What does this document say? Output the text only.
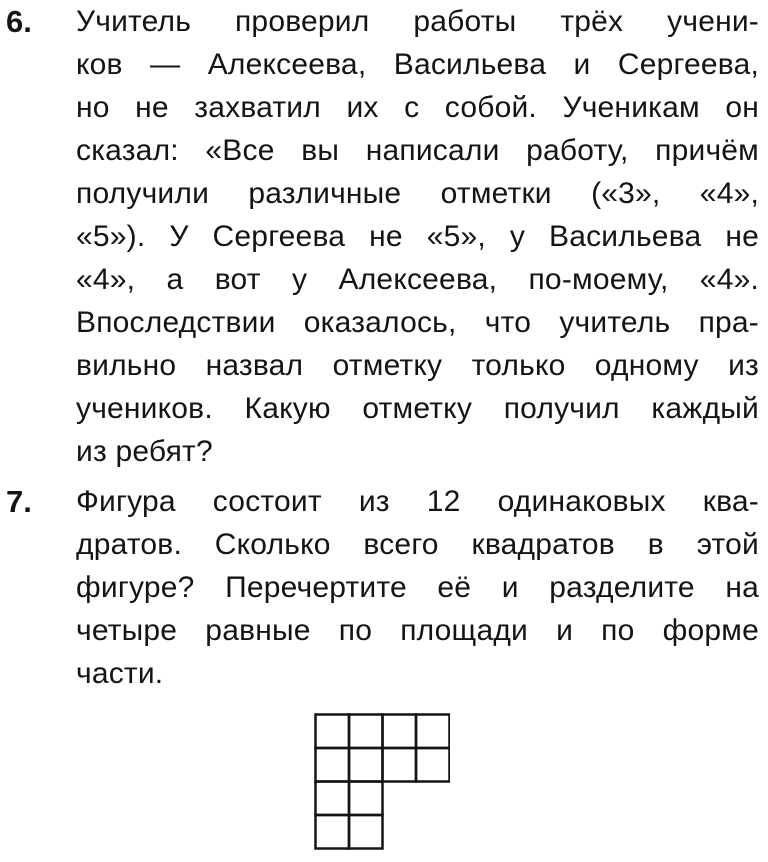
6. Учитель проверил работы трёх учени-
ков — Алексеева, Васильева и Сергеева,
но не захватил их с собой. Ученикам он
сказал: «Все вы написали работу, причём
получили различные отметки («3», «4»,
«5»). У Сергеева не «5», у Васильева не
«4», а вот у Алексеева, по-моему, «4».
Впоследствии оказалось, что учитель пра-
вильно назвал отметку только одному из
учеников. Какую отметку получил каждый
из ребят?
7. Фигура состоит из 12 одинаковых ква-
дратов. Сколько всего квадратов в этой
фигуре? Перечертите её и разделите на
четыре равные по площади и по форме
части.
